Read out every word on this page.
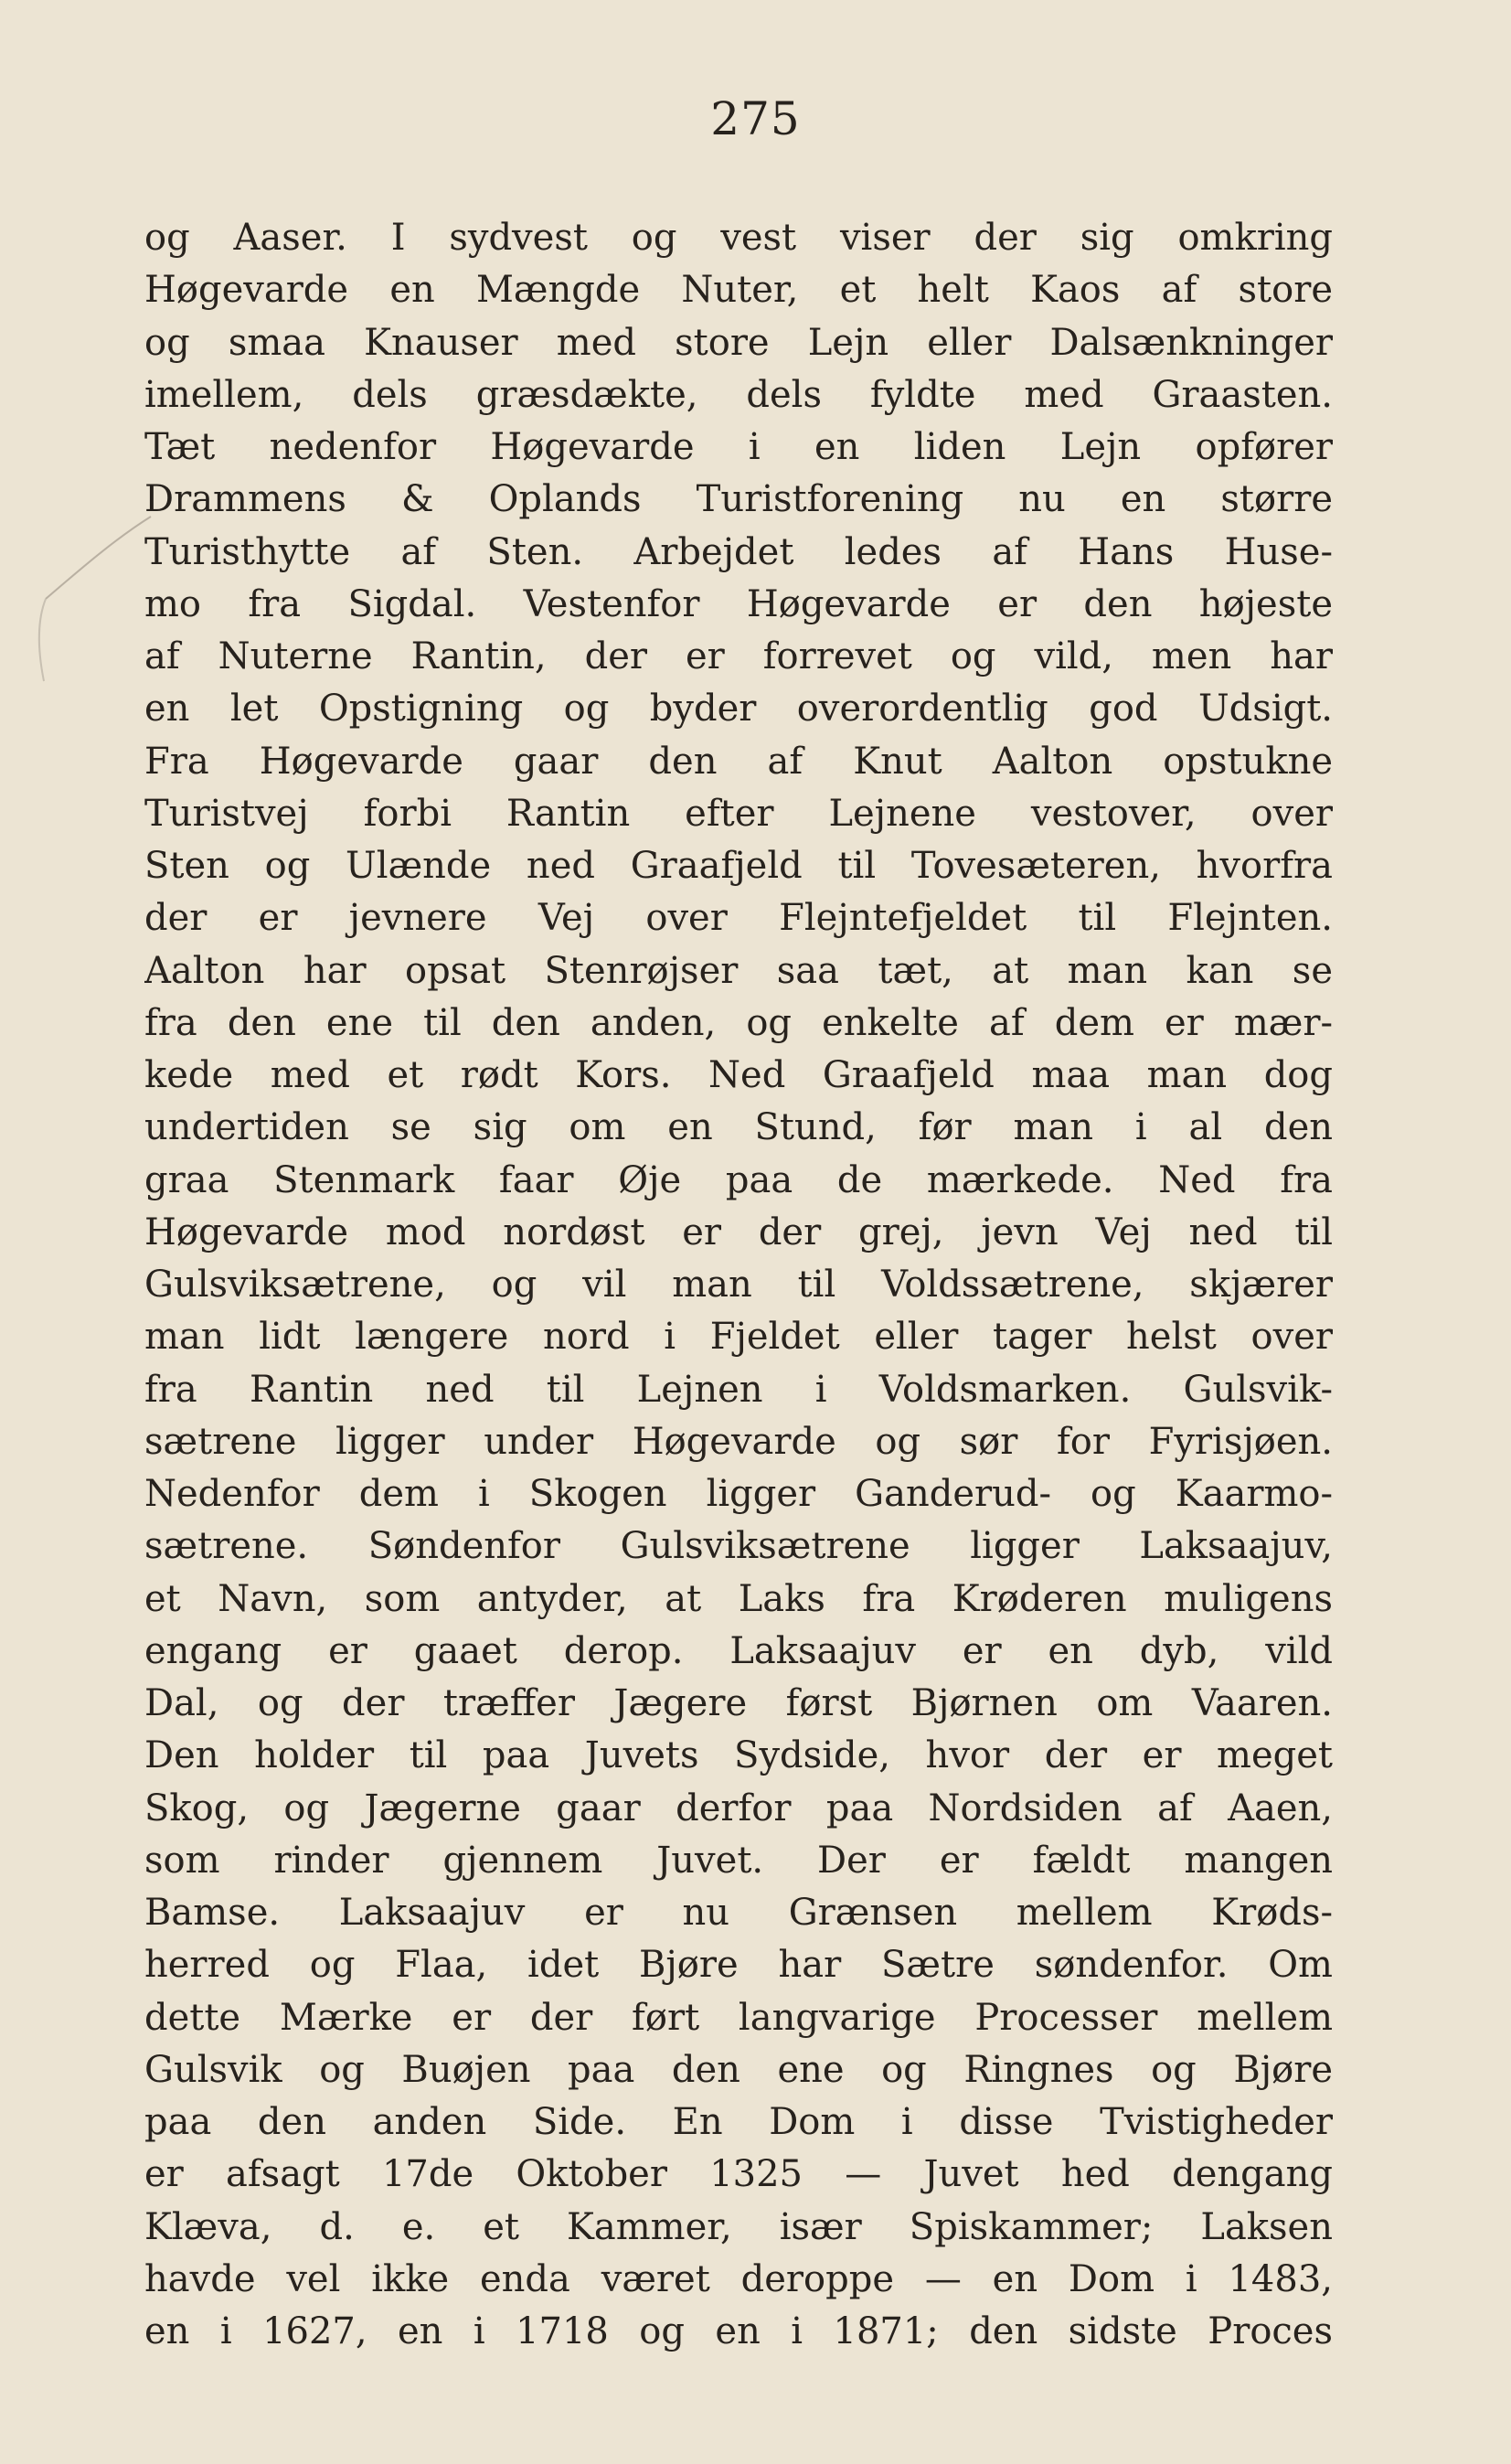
275
og Aaser. I sydvest og vest viser der sig omkring
Høgevarde en Mængde Nuter, et helt Kaos af store
og smaa Knauser med store Lejn eller Dalsænkninger
imellem, dels græsdækte, dels fyldte med Graasten.
Tæt nedenfor Høgevarde i en liden Lejn opfører
Drammens & Oplands Turistforening nu en større
Turisthytte af Sten. Arbejdet ledes af Hans Huse-
mo fra Sigdal. Vestenfor Høgevarde er den højeste
af Nuterne Rantin, der er forrevet og vild, men har
en let Opstigning og byder overordentlig god Udsigt.
Fra Høgevarde gaar den af Knut Aalton opstukne
Turistvej forbi Rantin efter Lejnene vestover, over
Sten og Ulænde ned Graafjeld til Tovesæteren, hvorfra
der er jevnere Vej over Flejntefjeldet til Flejnten.
Aalton har opsat Stenrøjser saa tæt, at man kan se
fra den ene til den anden, og enkelte af dem er mær-
kede med et rødt Kors. Ned Graafjeld maa man dog
undertiden se sig om en Stund, før man i al den
graa Stenmark faar Øje paa de mærkede. Ned fra
Høgevarde mod nordøst er der grej, jevn Vej ned til
Gulsviksætrene, og vil man til Voldssætrene, skjærer
man lidt længere nord i Fjeldet eller tager helst over
fra Rantin ned til Lejnen i Voldsmarken. Gulsvik-
sætrene ligger under Høgevarde og sør for Fyrisjøen.
Nedenfor dem i Skogen ligger Ganderud- og Kaarmo-
sætrene. Søndenfor Gulsviksætrene ligger Laksaajuv,
et Navn, som antyder, at Laks fra Krøderen muligens
engang er gaaet derop. Laksaajuv er en dyb, vild
Dal, og der træffer Jægere først Bjørnen om Vaaren.
Den holder til paa Juvets Sydside, hvor der er meget
Skog, og Jægerne gaar derfor paa Nordsiden af Aaen,
som rinder gjennem Juvet. Der er fældt mangen
Bamse. Laksaajuv er nu Grænsen mellem Krøds-
herred og Flaa, idet Bjøre har Sætre søndenfor. Om
dette Mærke er der ført langvarige Processer mellem
Gulsvik og Buøjen paa den ene og Ringnes og Bjøre
paa den anden Side. En Dom i disse Tvistigheder
er afsagt 17de Oktober 1325 — Juvet hed dengang
Klæva, d. e. et Kammer, især Spiskammer; Laksen
havde vel ikke enda været deroppe — en Dom i 1483,
en i 1627, en i 1718 og en i 1871; den sidste Proces
